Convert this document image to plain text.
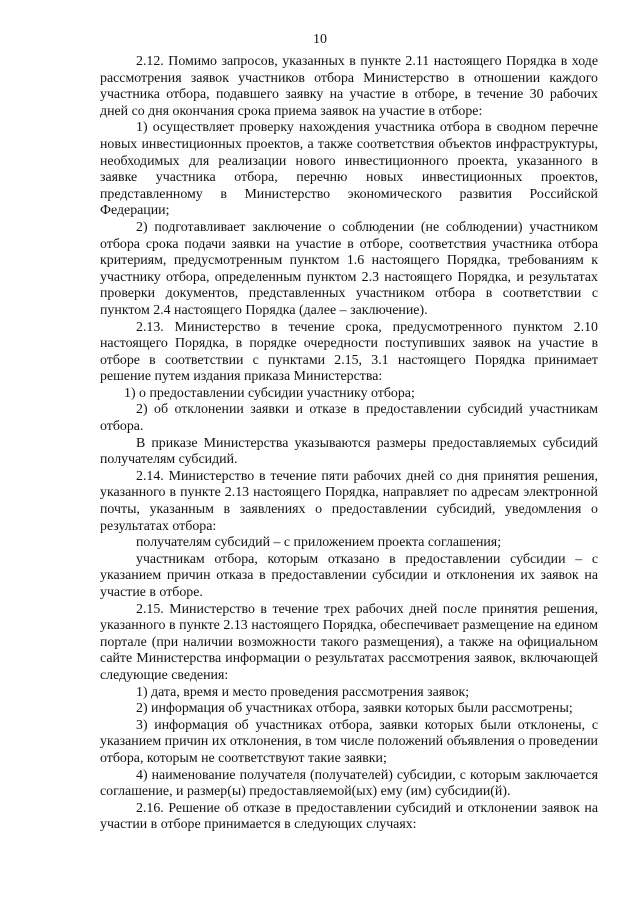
10

2.12. Помимо запросов, указанных в пункте 2.11 настоящего Порядка в ходе рассмотрения заявок участников отбора Министерство в отношении каждого участника отбора, подавшего заявку на участие в отборе, в течение 30 рабочих дней со дня окончания срока приема заявок на участие в отборе:

1) осуществляет проверку нахождения участника отбора в сводном перечне новых инвестиционных проектов, а также соответствия объектов инфраструктуры, необходимых для реализации нового инвестиционного проекта, указанного в заявке участника отбора, перечню новых инвестиционных проектов, представленному в Министерство экономического развития Российской Федерации;

2) подготавливает заключение о соблюдении (не соблюдении) участником отбора срока подачи заявки на участие в отборе, соответствия участника отбора критериям, предусмотренным пунктом 1.6 настоящего Порядка, требованиям к участнику отбора, определенным пунктом 2.3 настоящего Порядка, и результатах проверки документов, представленных участником отбора в соответствии с пунктом 2.4 настоящего Порядка (далее – заключение).

2.13. Министерство в течение срока, предусмотренного пунктом 2.10 настоящего Порядка, в порядке очередности поступивших заявок на участие в отборе в соответствии с пунктами 2.15, 3.1 настоящего Порядка принимает решение путем издания приказа Министерства:

1) о предоставлении субсидии участнику отбора;

2) об отклонении заявки и отказе в предоставлении субсидий участникам отбора.

В приказе Министерства указываются размеры предоставляемых субсидий получателям субсидий.

2.14. Министерство в течение пяти рабочих дней со дня принятия решения, указанного в пункте 2.13 настоящего Порядка, направляет по адресам электронной почты, указанным в заявлениях о предоставлении субсидий, уведомления о результатах отбора:

получателям субсидий – с приложением проекта соглашения;

участникам отбора, которым отказано в предоставлении субсидии – с указанием причин отказа в предоставлении субсидии и отклонения их заявок на участие в отборе.

2.15. Министерство в течение трех рабочих дней после принятия решения, указанного в пункте 2.13 настоящего Порядка, обеспечивает размещение на едином портале (при наличии возможности такого размещения), а также на официальном сайте Министерства информации о результатах рассмотрения заявок, включающей следующие сведения:

1) дата, время и место проведения рассмотрения заявок;

2) информация об участниках отбора, заявки которых были рассмотрены;

3) информация об участниках отбора, заявки которых были отклонены, с указанием причин их отклонения, в том числе положений объявления о проведении отбора, которым не соответствуют такие заявки;

4) наименование получателя (получателей) субсидии, с которым заключается соглашение, и размер(ы) предоставляемой(ых) ему (им) субсидии(й).

2.16. Решение об отказе в предоставлении субсидий и отклонении заявок на участии в отборе принимается в следующих случаях:
